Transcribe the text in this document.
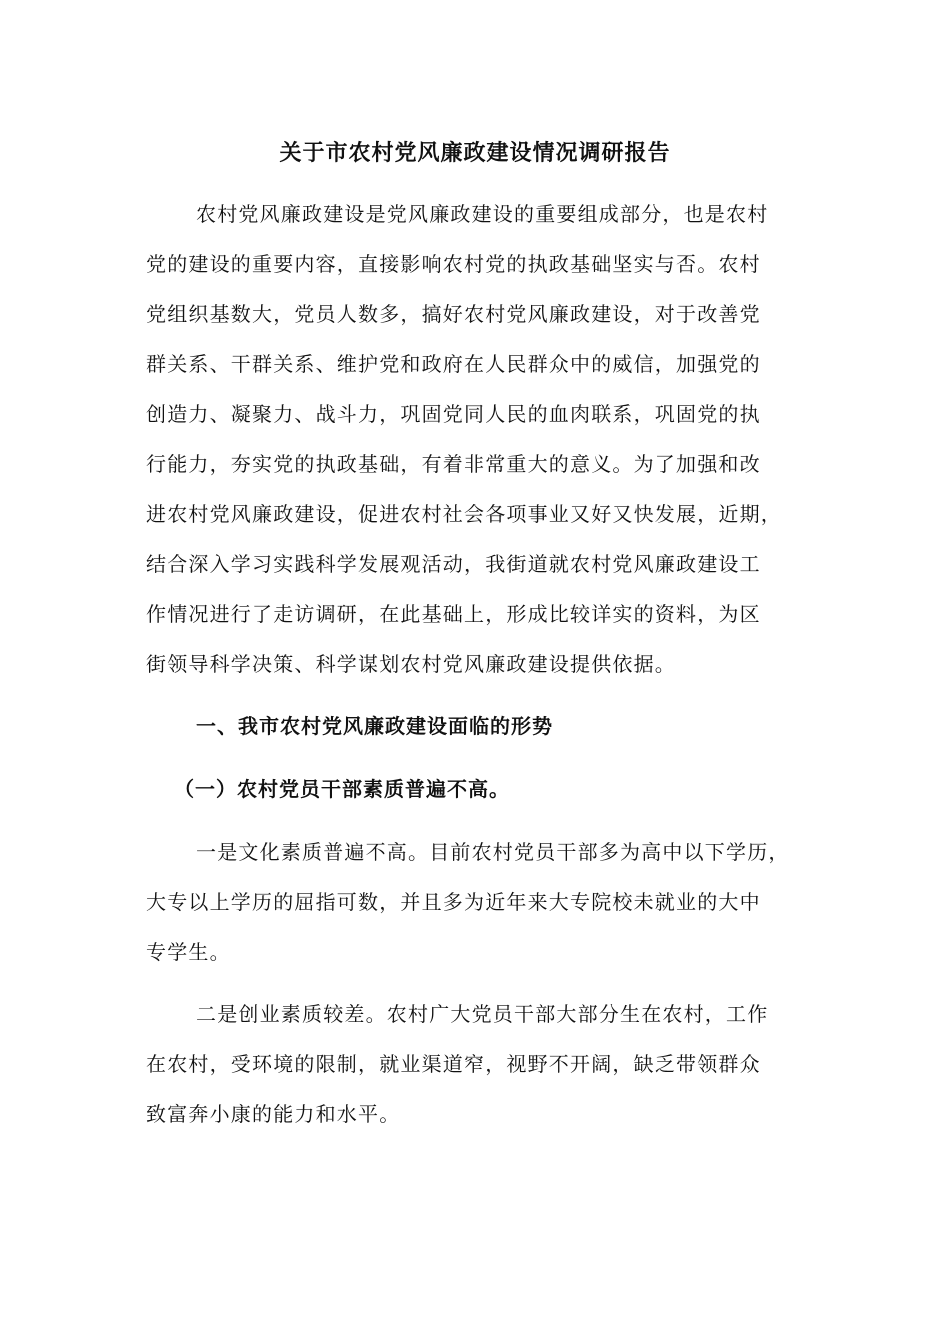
关于市农村党风廉政建设情况调研报告
农村党风廉政建设是党风廉政建设的重要组成部分，也是农村
党的建设的重要内容，直接影响农村党的执政基础坚实与否。农村
党组织基数大，党员人数多，搞好农村党风廉政建设，对于改善党
群关系、干群关系、维护党和政府在人民群众中的威信，加强党的
创造力、凝聚力、战斗力，巩固党同人民的血肉联系，巩固党的执
行能力，夯实党的执政基础，有着非常重大的意义。为了加强和改
进农村党风廉政建设，促进农村社会各项事业又好又快发展，近期，
结合深入学习实践科学发展观活动，我街道就农村党风廉政建设工
作情况进行了走访调研，在此基础上，形成比较详实的资料，为区
街领导科学决策、科学谋划农村党风廉政建设提供依据。
一、我市农村党风廉政建设面临的形势
（一）农村党员干部素质普遍不高。
一是文化素质普遍不高。目前农村党员干部多为高中以下学历，
大专以上学历的屈指可数，并且多为近年来大专院校未就业的大中
专学生。
二是创业素质较差。农村广大党员干部大部分生在农村，工作
在农村，受环境的限制，就业渠道窄，视野不开阔，缺乏带领群众
致富奔小康的能力和水平。
